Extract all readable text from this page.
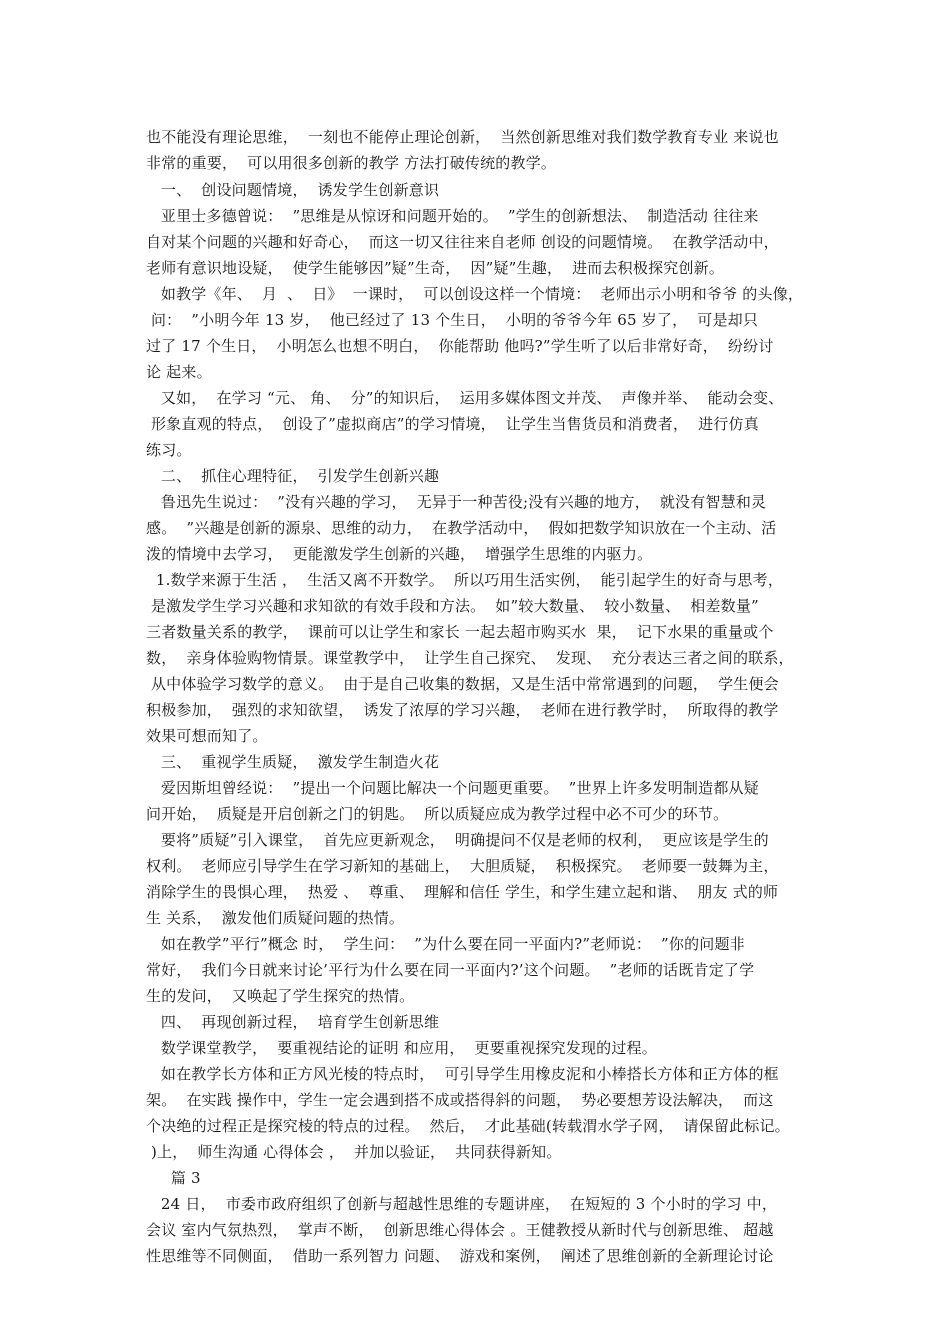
也不能没有理论思维，  一刻也不能停止理论创新，  当然创新思维对我们数学教育专业 来说也
非常的重要，  可以用很多创新的教学 方法打破传统的教学。
一、  创设问题情境，  诱发学生创新意识
亚里士多德曾说：  ”思维是从惊讶和问题开始的。  ”学生的创新想法、  制造活动 往往来
自对某个问题的兴趣和好奇心，  而这一切又往往来自老师 创设的问题情境。  在教学活动中，
老师有意识地设疑，  使学生能够因”疑”生奇，  因”疑”生趣，  进而去积极探究创新。
如教学《年、  月  、  日》  一课时，  可以创设这样一个情境：  老师出示小明和爷爷 的头像，
问：  ”小明今年 13 岁，  他已经过了 13 个生日，  小明的爷爷今年 65 岁了，  可是却只
过了 17 个生日，  小明怎么也想不明白，  你能帮助 他吗?”学生听了以后非常好奇，  纷纷讨
论 起来。
又如，  在学习 “元、 角、  分”的知识后，  运用多媒体图文并茂、  声像并举、  能动会变、
形象直观的特点，  创设了”虚拟商店”的学习情境，  让学生当售货员和消费者，  进行仿真
练习。
二、  抓住心理特征，  引发学生创新兴趣
鲁迅先生说过：  ”没有兴趣的学习，  无异于一种苦役;没有兴趣的地方，  就没有智慧和灵
感。  ”兴趣是创新的源泉、思维的动力，  在教学活动中，  假如把数学知识放在一个主动、活
泼的情境中去学习，  更能激发学生创新的兴趣，  增强学生思维的内驱力。
1.数学来源于生活 ，  生活又离不开数学。  所以巧用生活实例，  能引起学生的好奇与思考，
是激发学生学习兴趣和求知欲的有效手段和方法。  如”较大数量、  较小数量、  相差数量”
三者数量关系的教学，  课前可以让学生和家长 一起去超市购买水  果，  记下水果的重量或个
数，  亲身体验购物情景。课堂教学中，  让学生自己探究、  发现、  充分表达三者之间的联系，
从中体验学习数学的意义。  由于是自己收集的数据，又是生活中常常遇到的问题，  学生便会
积极参加，  强烈的求知欲望，  诱发了浓厚的学习兴趣，  老师在进行教学时，  所取得的教学
效果可想而知了。
三、  重视学生质疑，  激发学生制造火花
爱因斯坦曾经说：  ”提出一个问题比解决一个问题更重要。  ”世界上许多发明制造都从疑
问开始，  质疑是开启创新之门的钥匙。  所以质疑应成为教学过程中必不可少的环节。
要将”质疑”引入课堂，  首先应更新观念，  明确提问不仅是老师的权利，  更应该是学生的
权利。  老师应引导学生在学习新知的基础上，  大胆质疑，  积极探究。  老师要一鼓舞为主，
消除学生的畏惧心理，  热爱 、  尊重、  理解和信任 学生，和学生建立起和谐、  朋友 式的师
生 关系，  激发他们质疑问题的热情。
如在教学”平行”概念 时，  学生问：  ”为什么要在同一平面内?”老师说：  ”你的问题非
常好，  我们今日就来讨论’平行为什么要在同一平面内?’这个问题。  ”老师的话既肯定了学
生的发问，  又唤起了学生探究的热情。
四、  再现创新过程，  培育学生创新思维
数学课堂教学，  要重视结论的证明 和应用，  更要重视探究发现的过程。
如在教学长方体和正方风光棱的特点时，  可引导学生用橡皮泥和小棒搭长方体和正方体的框
架。  在实践 操作中，学生一定会遇到搭不成或搭得斜的问题，  势必要想芳设法解决，  而这
个决绝的过程正是探究棱的特点的过程。  然后，  才此基础(转载渭水学子网，  请保留此标记。
)上，  师生沟通 心得体会 ，  并加以验证，  共同获得新知。
篇 3
24 日，  市委市政府组织了创新与超越性思维的专题讲座，  在短短的 3 个小时的学习 中，
会议 室内气氛热烈，  掌声不断，  创新思维心得体会 。王健教授从新时代与创新思维、 超越
性思维等不同侧面，  借助一系列智力 问题、  游戏和案例，  阐述了思维创新的全新理论讨论
